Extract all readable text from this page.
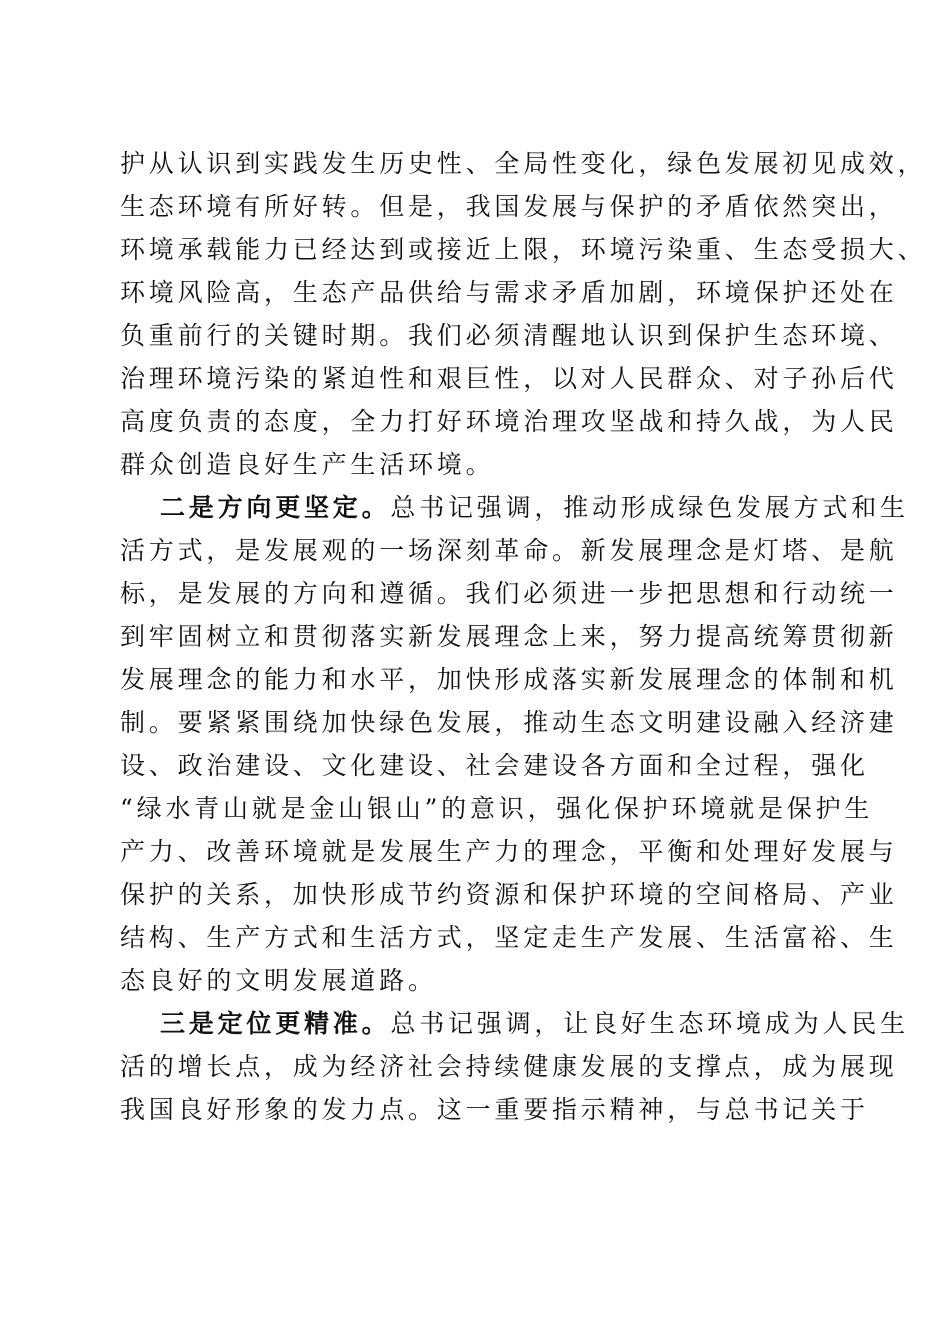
护从认识到实践发生历史性、全局性变化，绿色发展初见成效，
生态环境有所好转。但是，我国发展与保护的矛盾依然突出，
环境承载能力已经达到或接近上限，环境污染重、生态受损大、
环境风险高，生态产品供给与需求矛盾加剧，环境保护还处在
负重前行的关键时期。我们必须清醒地认识到保护生态环境、
治理环境污染的紧迫性和艰巨性，以对人民群众、对子孙后代
高度负责的态度，全力打好环境治理攻坚战和持久战，为人民
群众创造良好生产生活环境。
二是方向更坚定。总书记强调，推动形成绿色发展方式和生
活方式，是发展观的一场深刻革命。新发展理念是灯塔、是航
标，是发展的方向和遵循。我们必须进一步把思想和行动统一
到牢固树立和贯彻落实新发展理念上来，努力提高统筹贯彻新
发展理念的能力和水平，加快形成落实新发展理念的体制和机
制。要紧紧围绕加快绿色发展，推动生态文明建设融入经济建
设、政治建设、文化建设、社会建设各方面和全过程，强化
“绿水青山就是金山银山”的意识，强化保护环境就是保护生
产力、改善环境就是发展生产力的理念，平衡和处理好发展与
保护的关系，加快形成节约资源和保护环境的空间格局、产业
结构、生产方式和生活方式，坚定走生产发展、生活富裕、生
态良好的文明发展道路。
三是定位更精准。总书记强调，让良好生态环境成为人民生
活的增长点，成为经济社会持续健康发展的支撑点，成为展现
我国良好形象的发力点。这一重要指示精神，与总书记关于
